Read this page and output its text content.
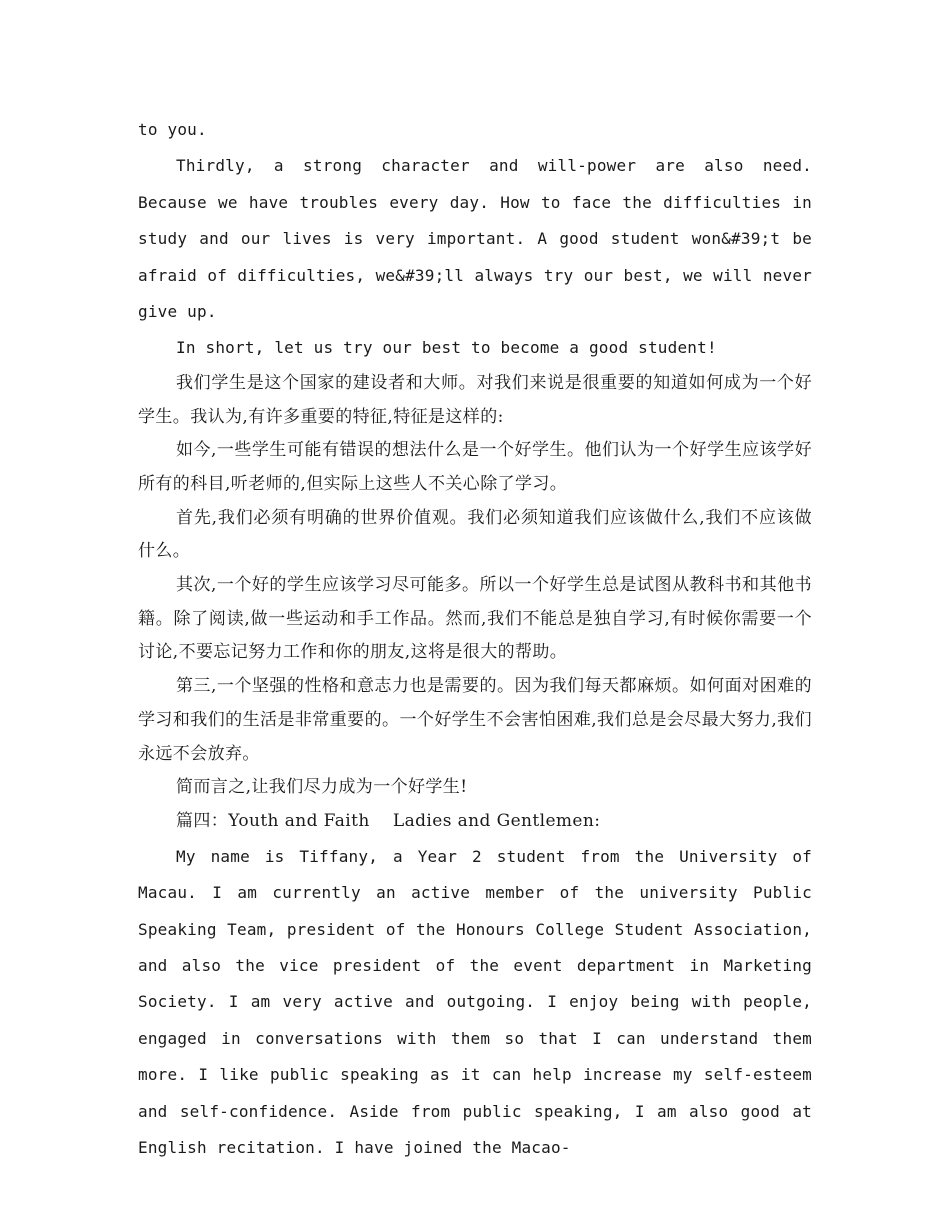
to you.

Thirdly, a strong character and will-power are also need. Because we have troubles every day. How to face the difficulties in study and our lives is very important. A good student won&#39;t be afraid of difficulties, we&#39;ll always try our best, we will never give up.

In short, let us try our best to become a good student!

我们学生是这个国家的建设者和大师。对我们来说是很重要的知道如何成为一个好学生。我认为,有许多重要的特征,特征是这样的:

如今,一些学生可能有错误的想法什么是一个好学生。他们认为一个好学生应该学好所有的科目,听老师的,但实际上这些人不关心除了学习。

首先,我们必须有明确的世界价值观。我们必须知道我们应该做什么,我们不应该做什么。

其次,一个好的学生应该学习尽可能多。所以一个好学生总是试图从教科书和其他书籍。除了阅读,做一些运动和手工作品。然而,我们不能总是独自学习,有时候你需要一个讨论,不要忘记努力工作和你的朋友,这将是很大的帮助。

第三,一个坚强的性格和意志力也是需要的。因为我们每天都麻烦。如何面对困难的学习和我们的生活是非常重要的。一个好学生不会害怕困难,我们总是会尽最大努力,我们永远不会放弃。

简而言之,让我们尽力成为一个好学生!

篇四：Youth and Faith    Ladies and Gentlemen:

My name is Tiffany, a Year 2 student from the University of Macau. I am currently an active member of the university Public Speaking Team, president of the Honours College Student Association, and also the vice president of the event department in Marketing Society. I am very active and outgoing. I enjoy being with people, engaged in conversations with them so that I can understand them more. I like public speaking as it can help increase my self-esteem and self-confidence. Aside from public speaking, I am also good at English recitation. I have joined the Macao-
